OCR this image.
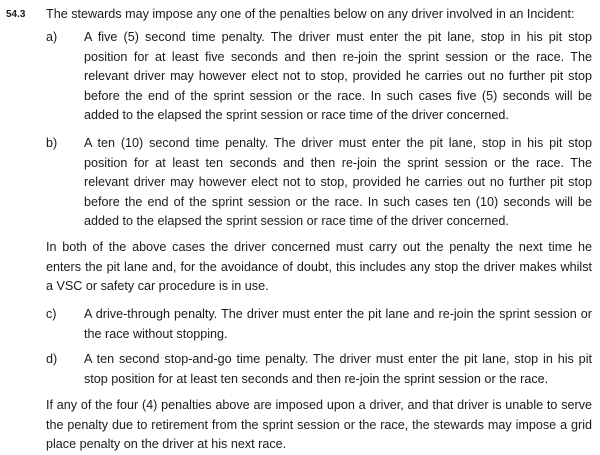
54.3 The stewards may impose any one of the penalties below on any driver involved in an Incident:
a) A five (5) second time penalty. The driver must enter the pit lane, stop in his pit stop position for at least five seconds and then re-join the sprint session or the race. The relevant driver may however elect not to stop, provided he carries out no further pit stop before the end of the sprint session or the race. In such cases five (5) seconds will be added to the elapsed the sprint session or race time of the driver concerned.
b) A ten (10) second time penalty. The driver must enter the pit lane, stop in his pit stop position for at least ten seconds and then re-join the sprint session or the race. The relevant driver may however elect not to stop, provided he carries out no further pit stop before the end of the sprint session or the race. In such cases ten (10) seconds will be added to the elapsed the sprint session or race time of the driver concerned.
In both of the above cases the driver concerned must carry out the penalty the next time he enters the pit lane and, for the avoidance of doubt, this includes any stop the driver makes whilst a VSC or safety car procedure is in use.
c) A drive-through penalty. The driver must enter the pit lane and re-join the sprint session or the race without stopping.
d) A ten second stop-and-go time penalty. The driver must enter the pit lane, stop in his pit stop position for at least ten seconds and then re-join the sprint session or the race.
If any of the four (4) penalties above are imposed upon a driver, and that driver is unable to serve the penalty due to retirement from the sprint session or the race, the stewards may impose a grid place penalty on the driver at his next race.
